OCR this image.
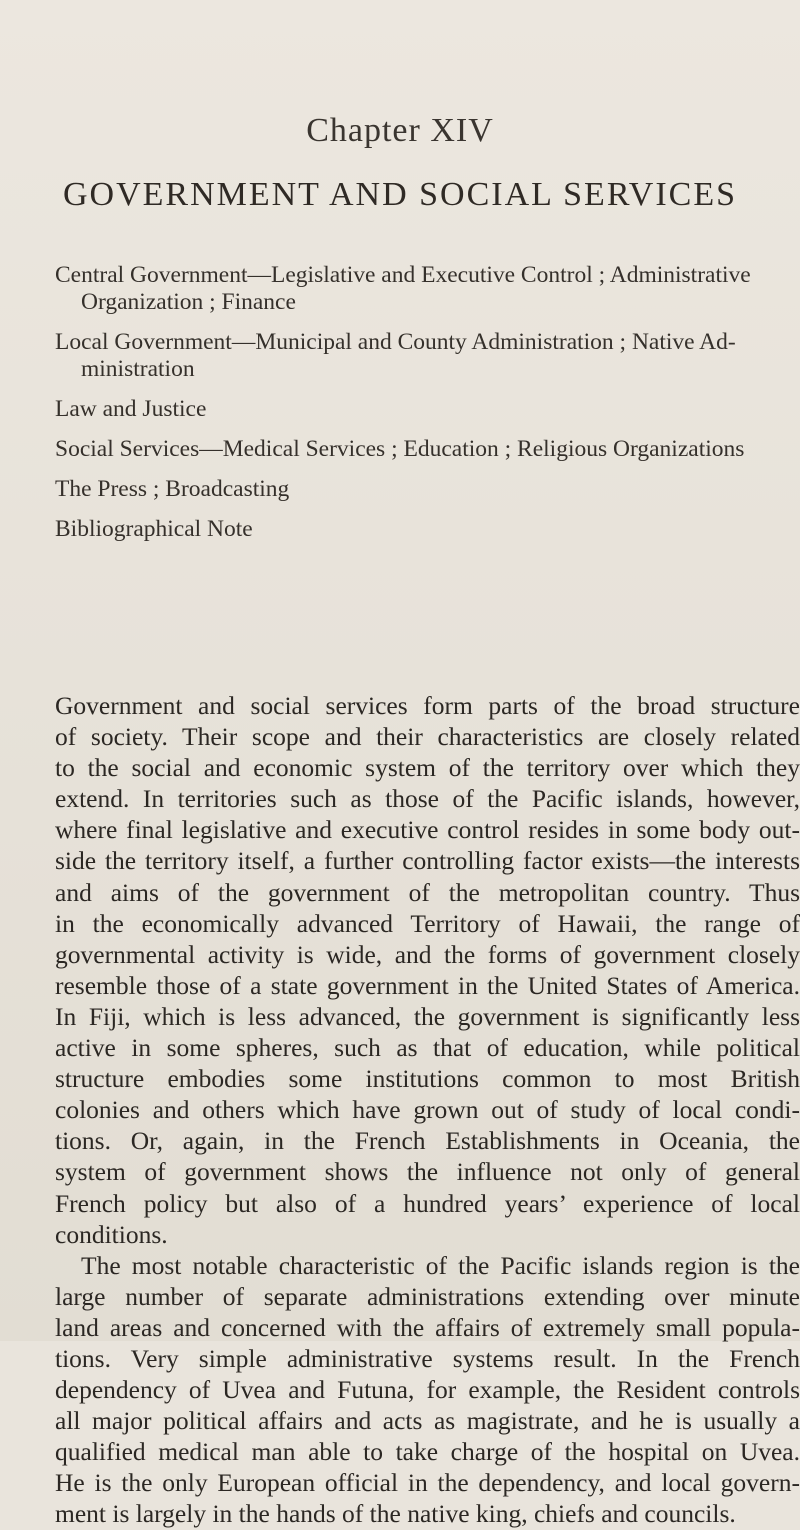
Chapter XIV
GOVERNMENT AND SOCIAL SERVICES
Central Government—Legislative and Executive Control ; Administrative
Organization ; Finance
Local Government—Municipal and County Administration ; Native Ad-
ministration
Law and Justice
Social Services—Medical Services ; Education ; Religious Organizations
The Press ; Broadcasting
Bibliographical Note
Government and social services form parts of the broad structure
of society. Their scope and their characteristics are closely related
to the social and economic system of the territory over which they
extend. In territories such as those of the Pacific islands, however,
where final legislative and executive control resides in some body out-
side the territory itself, a further controlling factor exists—the interests
and aims of the government of the metropolitan country. Thus
in the economically advanced Territory of Hawaii, the range of
governmental activity is wide, and the forms of government closely
resemble those of a state government in the United States of America.
In Fiji, which is less advanced, the government is significantly less
active in some spheres, such as that of education, while political
structure embodies some institutions common to most British
colonies and others which have grown out of study of local condi-
tions. Or, again, in the French Establishments in Oceania, the
system of government shows the influence not only of general
French policy but also of a hundred years’ experience of local
conditions.
The most notable characteristic of the Pacific islands region is the
large number of separate administrations extending over minute
land areas and concerned with the affairs of extremely small popula-
tions. Very simple administrative systems result. In the French
dependency of Uvea and Futuna, for example, the Resident controls
all major political affairs and acts as magistrate, and he is usually a
qualified medical man able to take charge of the hospital on Uvea.
He is the only European official in the dependency, and local govern-
ment is largely in the hands of the native king, chiefs and councils.
